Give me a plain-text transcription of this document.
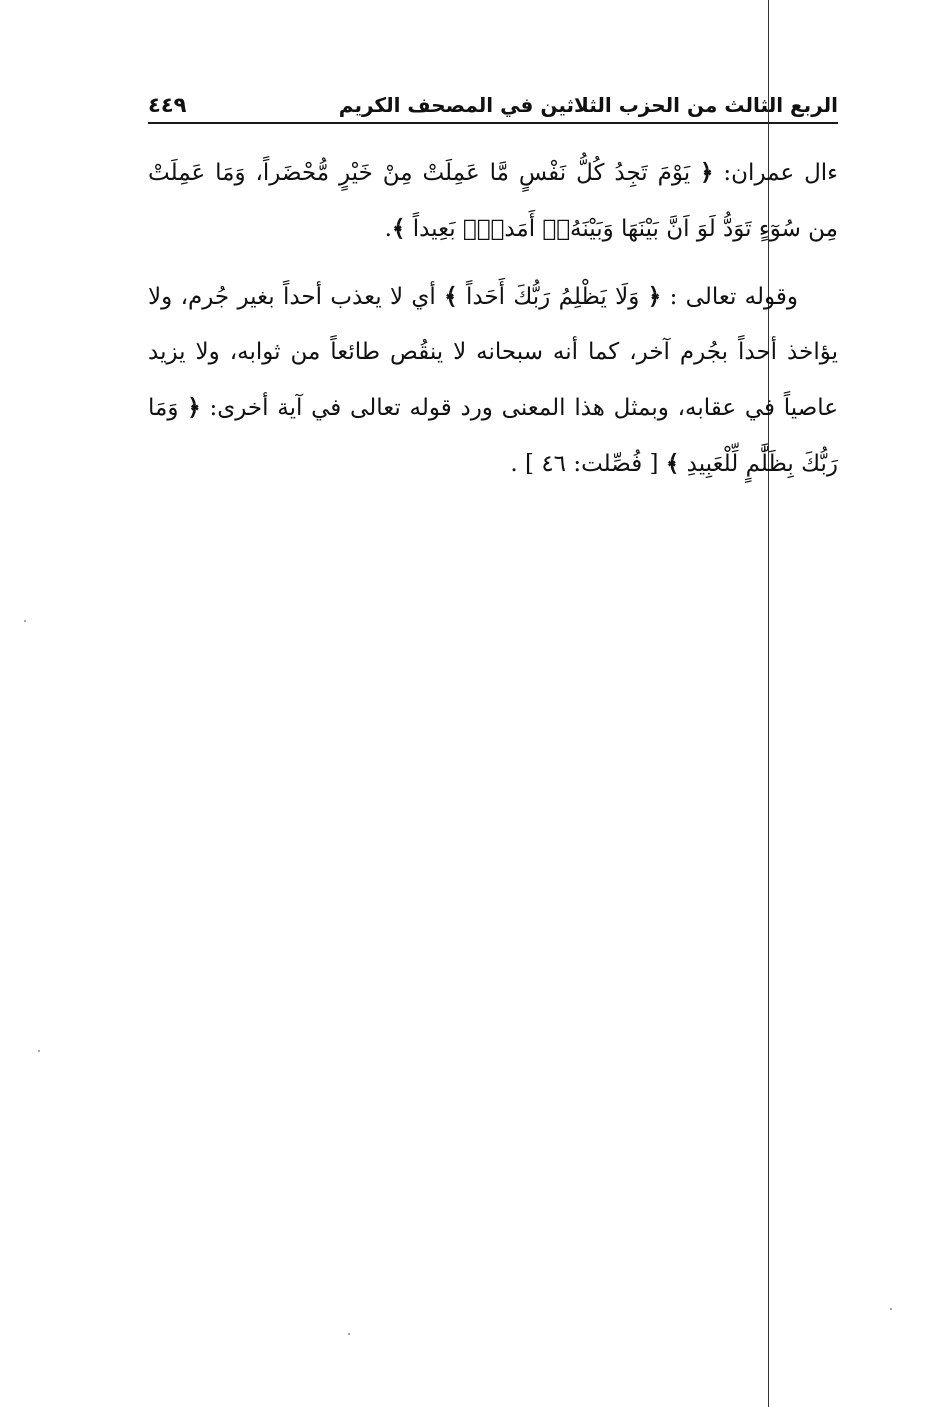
الربع الثالث من الحزب الثلاثين في المصحف الكريم
٤٤٩

ءال عمران: ﴿ يَوْمَ تَجِدُ كُلُّ نَفْسٍ مَّا عَمِلَتْ مِنْ خَيْرٍ مُّحْضَراً، وَمَا عَمِلَتْ مِن سُوٓءٍ تَوَدُّ لَوَ اَنَّ بَيْنَهَا وَبَيْنَهُۥٓ أَمَداًۢ بَعِيداً ﴾.

وقوله تعالى : ﴿ وَلَا يَظْلِمُ رَبُّكَ أَحَداً ﴾ أي لا يعذب أحداً بغير جُرم، ولا يؤاخذ أحداً بجُرم آخر، كما أنه سبحانه لا ينقُص طائعاً من ثوابه، ولا يزيد عاصياً في عقابه، وبمثل هذا المعنى ورد قوله تعالى في آية أخرى: ﴿ وَمَا رَبُّكَ بِظَلَّٰمٍ لِّلْعَبِيدِ ﴾ [ فُصِّلت: ٤٦ ] .
